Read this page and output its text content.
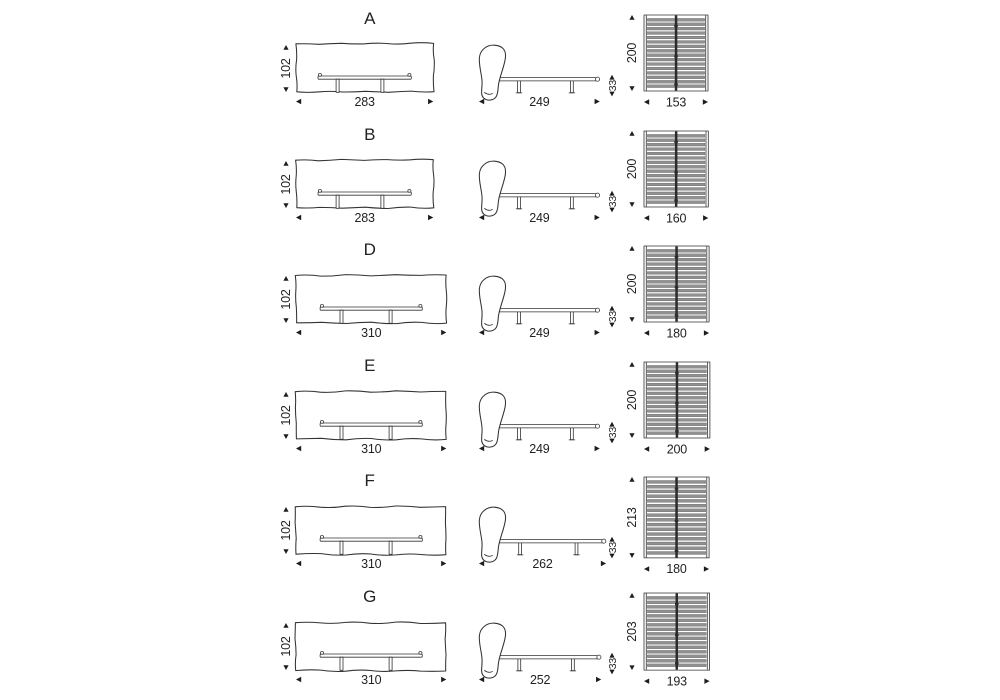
A
102
283
33
249
200
153
B
102
283
33
249
200
160
D
102
310
33
249
200
180
E
102
310
33
249
200
200
F
102
310
33
262
213
180
G
102
310
33
252
203
193
